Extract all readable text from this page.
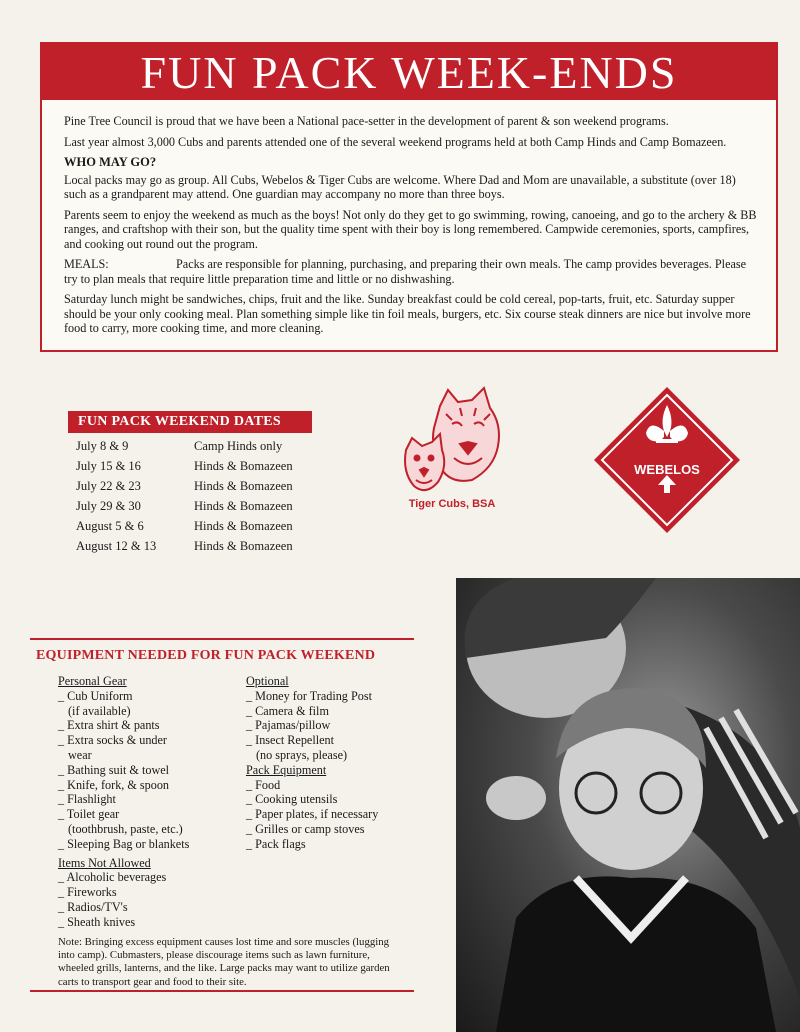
FUN PACK WEEK-ENDS

Pine Tree Council is proud that we have been a National pace-setter in the development of parent & son weekend programs.

Last year almost 3,000 Cubs and parents attended one of the several weekend programs held at both Camp Hinds and Camp Bomazeen.

WHO MAY GO?

Local packs may go as group. All Cubs, Webelos & Tiger Cubs are welcome. Where Dad and Mom are unavailable, a substitute (over 18) such as a grandparent may attend. One guardian may accompany no more than three boys.

Parents seem to enjoy the weekend as much as the boys! Not only do they get to go swimming, rowing, canoeing, and go to the archery & BB ranges, and craftshop with their son, but the quality time spent with their boy is long remembered. Campwide ceremonies, sports, campfires, and cooking out round out the program.

MEALS:	Packs are responsible for planning, purchasing, and preparing their own meals. The camp provides beverages. Please try to plan meals that require little preparation time and little or no dishwashing.

Saturday lunch might be sandwiches, chips, fruit and the like. Sunday breakfast could be cold cereal, pop-tarts, fruit, etc. Saturday supper should be your only cooking meal. Plan something simple like tin foil meals, burgers, etc. Six course steak dinners are nice but involve more food to carry, more cooking time, and more cleaning.

FUN PACK WEEKEND DATES
July 8 & 9	Camp Hinds only
July 15 & 16	Hinds & Bomazeen
July 22 & 23	Hinds & Bomazeen
July 29 & 30	Hinds & Bomazeen
August 5 & 6	Hinds & Bomazeen
August 12 & 13	Hinds & Bomazeen
Tiger Cubs, BSA
WEBELOS
EQUIPMENT NEEDED FOR FUN PACK WEEKEND
Personal Gear
_ Cub Uniform
(if available)
_ Extra shirt & pants
_ Extra socks & under wear
_ Bathing suit & towel
_ Knife, fork, & spoon
_ Flashlight
_ Toilet gear
(toothbrush, paste, etc.)
_ Sleeping Bag or blankets
Items Not Allowed
_ Alcoholic beverages
_ Fireworks
_ Radios/TV's
_ Sheath knives
Optional
_ Money for Trading Post
_ Camera & film
_ Pajamas/pillow
_ Insect Repellent
(no sprays, please)
Pack Equipment
_ Food
_ Cooking utensils
_ Paper plates, if necessary
_ Grilles or camp stoves
_ Pack flags
Note: Bringing excess equipment causes lost time and sore muscles (lugging into camp). Cubmasters, please discourage items such as lawn furniture, wheeled grills, lanterns, and the like. Large packs may want to utilize garden carts to transport gear and food to their site.
